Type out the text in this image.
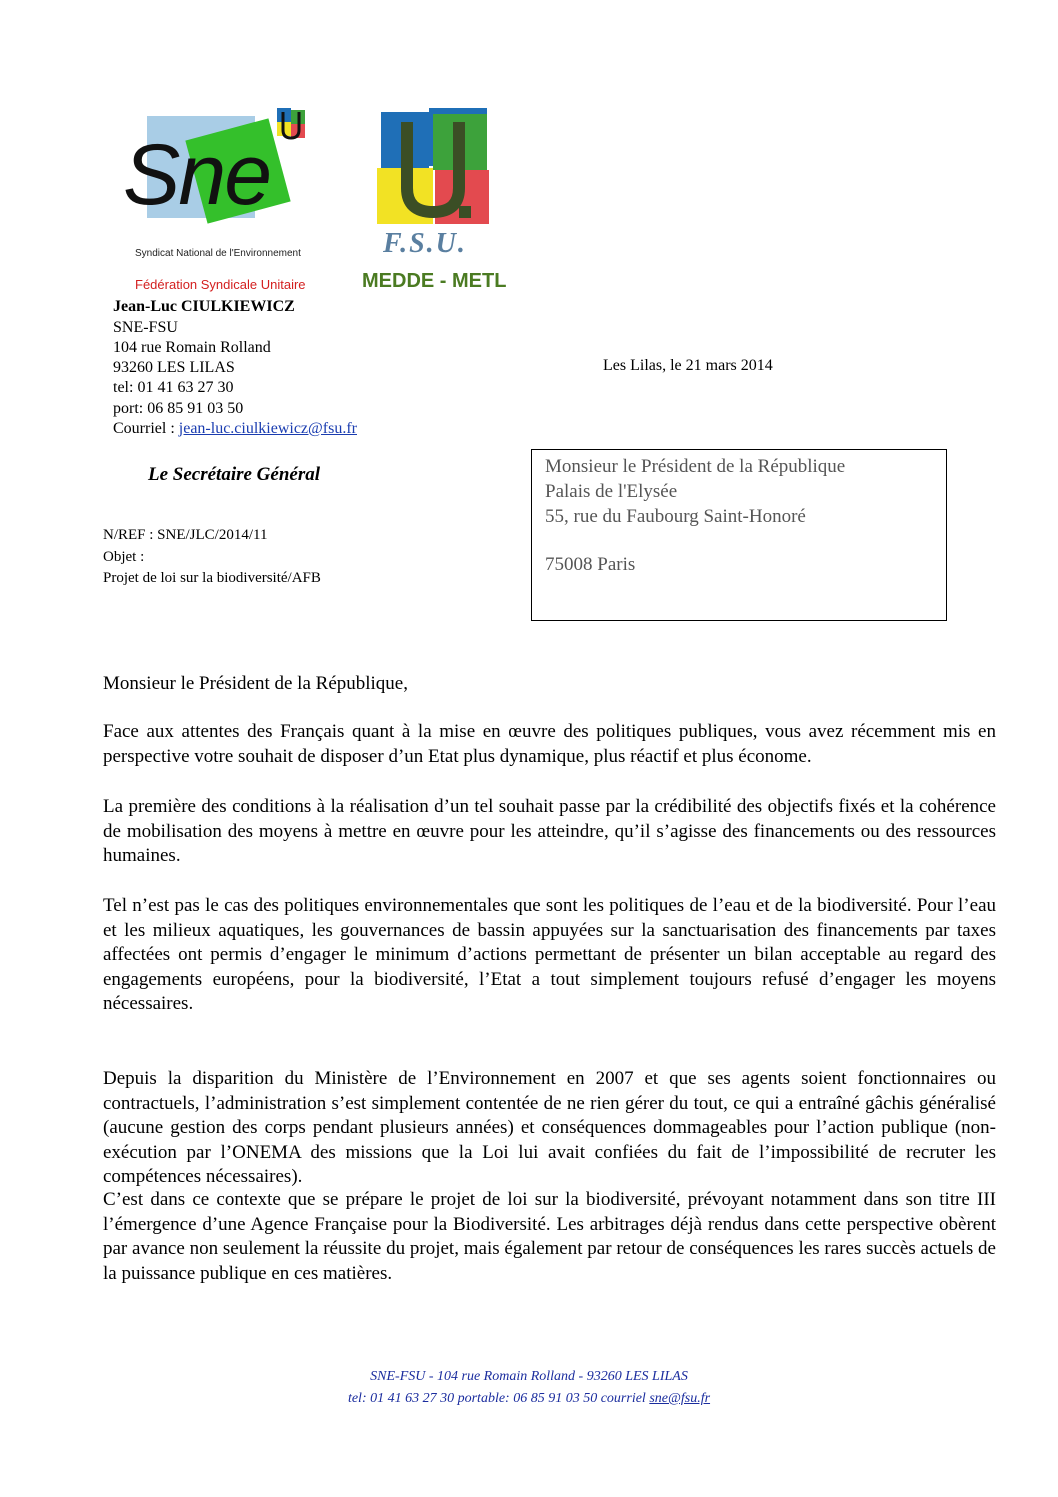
Sne
Syndicat National de l'Environnement
Fédération Syndicale Unitaire
F.S.U.
MEDDE - METL
Jean-Luc CIULKIEWICZ
SNE-FSU
104 rue Romain Rolland
93260 LES LILAS
tel: 01 41 63 27 30
port: 06 85 91 03 50
Courriel : jean-luc.ciulkiewicz@fsu.fr
Les Lilas, le 21 mars 2014
Le Secrétaire Général
N/REF : SNE/JLC/2014/11
Objet :
Projet de loi sur la biodiversité/AFB
Monsieur le Président de la République
Palais de l'Elysée
55, rue du Faubourg Saint-Honoré
75008 Paris
Monsieur le Président de la République,
Face aux attentes des Français quant à la mise en œuvre des politiques publiques, vous avez récemment mis en perspective votre souhait de disposer d’un Etat plus dynamique, plus réactif et plus économe.
La première des conditions à la réalisation d’un tel souhait passe par la crédibilité des objectifs fixés et la cohérence de mobilisation des moyens à mettre en œuvre pour les atteindre, qu’il s’agisse des financements ou des ressources humaines.
Tel n’est pas le cas des politiques environnementales que sont les politiques de l’eau et de la biodiversité. Pour l’eau et les milieux aquatiques, les gouvernances de bassin appuyées sur la sanctuarisation des financements par taxes affectées ont permis d’engager le minimum d’actions permettant de présenter un bilan acceptable au regard des engagements européens, pour la biodiversité, l’Etat a tout simplement toujours refusé d’engager les moyens nécessaires.
Depuis la disparition du Ministère de l’Environnement en 2007 et que ses agents soient fonctionnaires ou contractuels, l’administration s’est simplement contentée de ne rien gérer du tout, ce qui a entraîné gâchis généralisé (aucune gestion des corps pendant plusieurs années) et conséquences dommageables pour l’action publique (non-exécution par l’ONEMA des missions que la Loi lui avait confiées du fait de l’impossibilité de recruter les compétences nécessaires).
C’est dans ce contexte que se prépare le projet de loi sur la biodiversité, prévoyant notamment dans son titre III l’émergence d’une Agence Française pour la Biodiversité. Les arbitrages déjà rendus dans cette perspective obèrent par avance non seulement la réussite du projet, mais également par retour de conséquences les rares succès actuels de la puissance publique en ces matières.
SNE-FSU - 104 rue Romain Rolland - 93260 LES LILAS
tel: 01 41 63 27 30 portable: 06 85 91 03 50 courriel sne@fsu.fr
